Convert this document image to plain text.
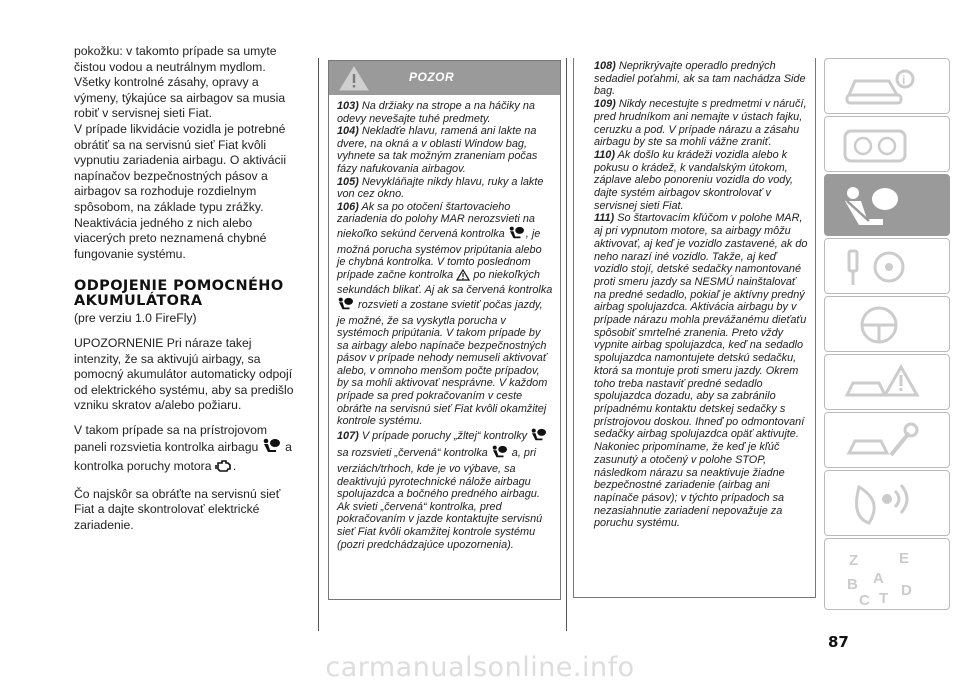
pokožku: v takomto prípade sa umyte čistou vodou a neutrálnym mydlom.

Všetky kontrolné zásahy, opravy a výmeny, týkajúce sa airbagov sa musia robiť v servisnej sieti Fiat.

V prípade likvidácie vozidla je potrebné obrátiť sa na servisnú sieť Fiat kvôli vypnutiu zariadenia airbagu. O aktivácii napínačov bezpečnostných pásov a airbagov sa rozhoduje rozdielnym spôsobom, na základe typu zrážky. Neaktivácia jedného z nich alebo viacerých preto neznamená chybné fungovanie systému.

ODPOJENIE POMOCNÉHO AKUMULÁTORA

(pre verziu 1.0 FireFly)

UPOZORNENIE Pri náraze takej intenzity, že sa aktivujú airbagy, sa pomocný akumulátor automaticky odpojí od elektrického systému, aby sa predišlo vzniku skratov a/alebo požiaru.

V takom prípade sa na prístrojovom paneli rozsvietia kontrolka airbagu a kontrolka poruchy motora .

Čo najskôr sa obráťte na servisnú sieť Fiat a dajte skontrolovať elektrické zariadenie.

POZOR

103) Na držiaky na strope a na háčiky na odevy nevešajte tuhé predmety.

104) Nekladťe hlavu, ramená ani lakte na dvere, na okná a v oblasti Window bag, vyhnete sa tak možným zraneniam počas fázy nafukovania airbagov.

105) Nevykláňajte nikdy hlavu, ruky a lakte von cez okno.

106) Ak sa po otočení štartovacieho zariadenia do polohy MAR nerozsvieti na niekoľko sekúnd červená kontrolka , je možná porucha systémov pripútania alebo je chybná kontrolka. V tomto poslednom prípade začne kontrolka po niekoľkých sekundách blikať. Aj ak sa červená kontrolka  rozsvieti a zostane svietiť počas jazdy, je možné, že sa vyskytla porucha v systémoch pripútania. V takom prípade by sa airbagy alebo napínače bezpečnostných pásov v prípade nehody nemuseli aktivovať alebo, v omnoho menšom počte prípadov, by sa mohli aktivovať nesprávne. V každom prípade sa pred pokračovaním v ceste obráťte na servisnú sieť Fiat kvôli okamžitej kontrole systému.

107) V prípade poruchy „žltej“ kontrolky  sa rozsvieti „červená“ kontrolka a, pri verziách/trhoch, kde je vo výbave, sa deaktivujú pyrotechnické nálože airbagu spolujazdca a bočného predného airbagu. Ak svieti „červená“ kontrolka, pred pokračovaním v jazde kontaktujte servisnú sieť Fiat kvôli okamžitej kontrole systému (pozri predchádzajúce upozornenia).

108) Neprikrývajte operadlo predných sedadiel poťahmi, ak sa tam nachádza Side bag.

109) Nikdy necestujte s predmetmi v náručí, pred hrudníkom ani nemajte v ústach fajku, ceruzku a pod. V prípade nárazu a zásahu airbagu by ste sa mohli vážne zraniť.

110) Ak došlo ku krádeži vozidla alebo k pokusu o krádež, k vandalským útokom, záplave alebo ponoreniu vozidla do vody, dajte systém airbagov skontrolovať v servisnej sieti Fiat.

111) So štartovacím kľúčom v polohe MAR, aj pri vypnutom motore, sa airbagy môžu aktivovať, aj keď je vozidlo zastavené, ak do neho narazí iné vozidlo. Takže, aj keď vozidlo stojí, detské sedačky namontované proti smeru jazdy sa NESMÚ nainštalovať na predné sedadlo, pokiaľ je aktívny predný airbag spolujazdca. Aktivácia airbagu by v prípade nárazu mohla prevážanému dieťaťu spôsobiť smrteľné zranenia. Preto vždy vypnite airbag spolujazdca, keď na sedadlo spolujazdca namontujete detskú sedačku, ktorá sa montuje proti smeru jazdy. Okrem toho treba nastaviť predné sedadlo spolujazdca dozadu, aby sa zabránilo prípadnému kontaktu detskej sedačky s prístrojovou doskou. Ihneď po odmontovaní sedačky airbag spolujazdca opäť aktivujte. Nakoniec pripomíname, že keď je kľúč zasunutý a otočený v polohe STOP, následkom nárazu sa neaktivuje žiadne bezpečnostné zariadenie (airbag ani napínače pásov); v týchto prípadoch sa nezasiahnutie zariadení nepovažuje za poruchu systému.

i
Z	E
B A
C T D
87
carmanualsonline.info
